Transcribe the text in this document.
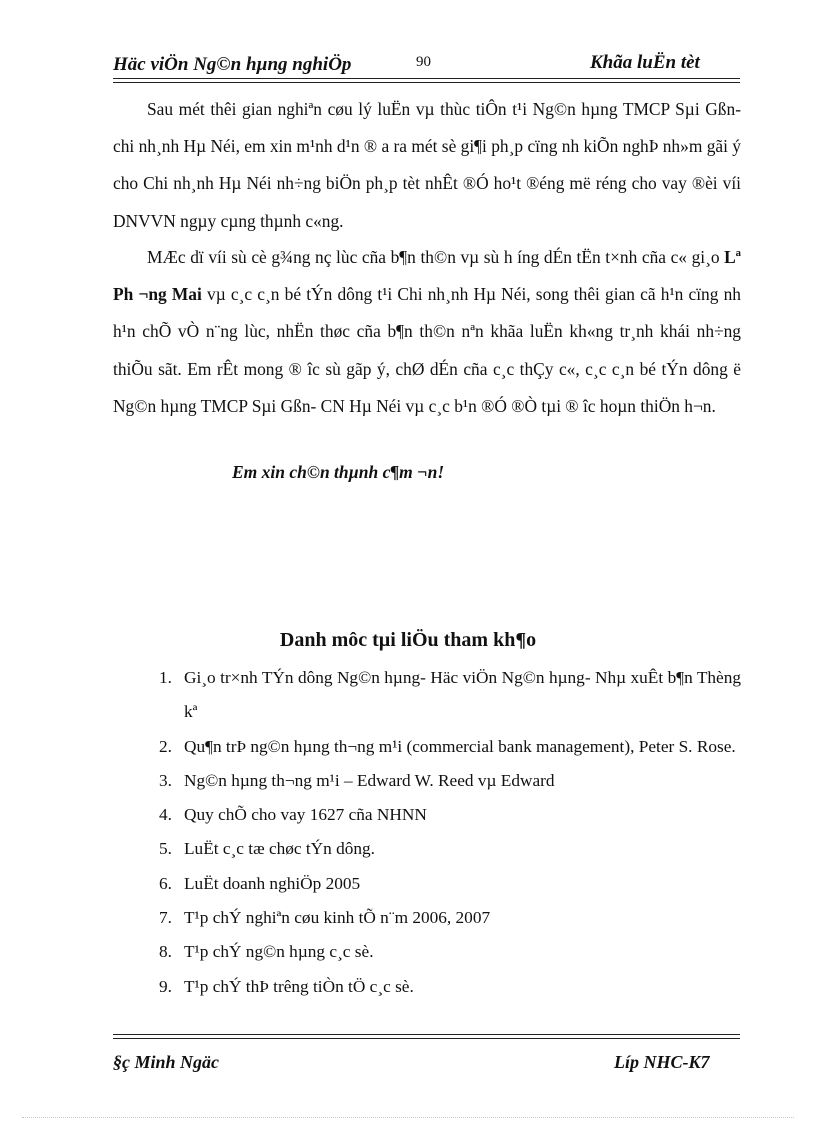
Häc viÖn Ng©n hµng nghiÖp	90	Khãa luËn tèt

Sau mét thêi gian nghiªn cøu lý luËn vµ thùc tiÔn t¹i Ng©n hµng TMCP Sµi Gßn- chi nh¸nh Hµ Néi, em xin m¹nh d¹n ® a ra mét sè gi¶i ph¸p cïng nh kiÕn nghÞ nh»m gãi ý cho Chi nh¸nh Hµ Néi nh÷ng biÖn ph¸p tèt nhÊt ®Ó ho¹t ®éng më réng cho vay ®èi víi DNVVN ngµy cµng thµnh c«ng.

MÆc dï víi sù cè g¾ng nç lùc cña b¶n th©n vµ sù h íng dÉn tËn t×nh cña c« gi¸o Lª Ph ¬ng Mai vµ c¸c c¸n bé tÝn dông t¹i Chi nh¸nh Hµ Néi, song thêi gian cã h¹n cïng nh h¹n chÕ vÒ n¨ng lùc, nhËn thøc cña b¶n th©n nªn khãa luËn kh«ng tr¸nh khái nh÷ng thiÕu sãt. Em rÊt mong ® îc sù gãp ý, chØ dÉn cña c¸c thÇy c«, c¸c c¸n bé tÝn dông ë Ng©n hµng TMCP Sµi Gßn- CN Hµ Néi vµ c¸c b¹n ®Ó ®Ò tµi ® îc hoµn thiÖn h¬n.

Em xin ch©n thµnh c¶m ¬n!
Danh môc tµi liÖu tham kh¶o
1. Gi¸o tr×nh TÝn dông Ng©n hµng- Häc viÖn Ng©n hµng- Nhµ xuÊt b¶n Thèng kª
2. Qu¶n trÞ ng©n hµng th¬ng m¹i (commercial bank management), Peter S. Rose.
3. Ng©n hµng th¬ng m¹i – Edward W. Reed vµ Edward
4. Quy chÕ cho vay 1627 cña NHNN
5. LuËt c¸c tæ chøc tÝn dông.
6. LuËt doanh nghiÖp 2005
7. T¹p chÝ nghiªn cøu kinh tÕ n¨m 2006, 2007
8. T¹p chÝ ng©n hµng c¸c sè.
9. T¹p chÝ thÞ trêng tiÒn tÖ c¸c sè.
§ç Minh Ngäc	Líp NHC-K7
